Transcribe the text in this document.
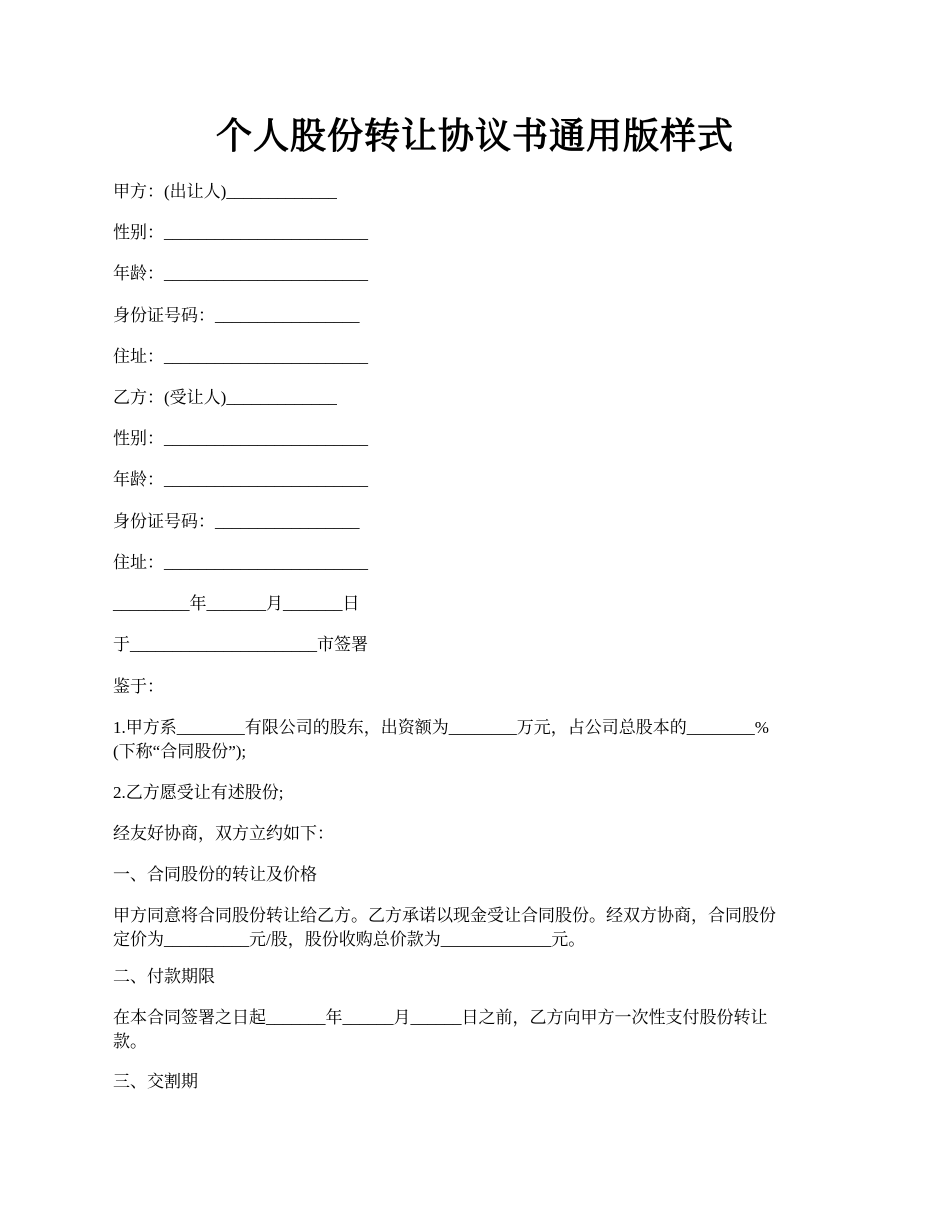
个人股份转让协议书通用版样式

甲方：(出让人)_____________

性别：________________________

年龄：________________________

身份证号码：_________________

住址：________________________

乙方：(受让人)_____________

性别：________________________

年龄：________________________

身份证号码：_________________

住址：________________________

_________年_______月_______日

于______________________市签署

鉴于：

1.甲方系________有限公司的股东，出资额为________万元，占公司总股本的________%
(下称“合同股份”);

2.乙方愿受让有述股份;

经友好协商，双方立约如下：

一、合同股份的转让及价格

甲方同意将合同股份转让给乙方。乙方承诺以现金受让合同股份。经双方协商，合同股份
定价为__________元/股，股份收购总价款为_____________元。

二、付款期限

在本合同签署之日起_______年______月______日之前，乙方向甲方一次性支付股份转让
款。

三、交割期
